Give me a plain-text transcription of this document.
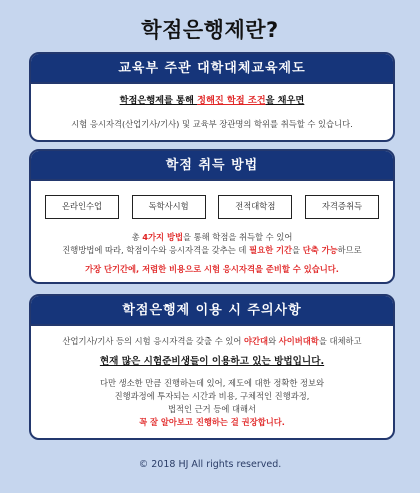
학점은행제란?
교육부 주관 대학대체교육제도
학점은행제를 통해 정해진 학점 조건을 채우면
시험 응시자격(산업기사/기사) 및 교육부 장관명의 학위를 취득할 수 있습니다.
학점 취득 방법
온라인수업	독학사시험	전적대학점	자격증취득
총 4가지 방법을 통해 학점을 취득할 수 있어
진행방법에 따라, 학점이수와 응시자격을 갖추는 데 필요한 기간을 단축 가능하므로
가장 단기간에, 저렴한 비용으로 시험 응시자격을 준비할 수 있습니다.
학점은행제 이용 시 주의사항
산업기사/기사 등의 시험 응시자격을 갖출 수 있어 야간대와 사이버대학을 대체하고
현재 많은 시험준비생들이 이용하고 있는 방법입니다.
다만 생소한 만큼 진행하는데 있어, 제도에 대한 정확한 정보와
진행과정에 투자되는 시간과 비용, 구체적인 진행과정,
법적인 근거 등에 대해서
꼭 잘 알아보고 진행하는 걸 권장합니다.
© 2018 HJ All rights reserved.
